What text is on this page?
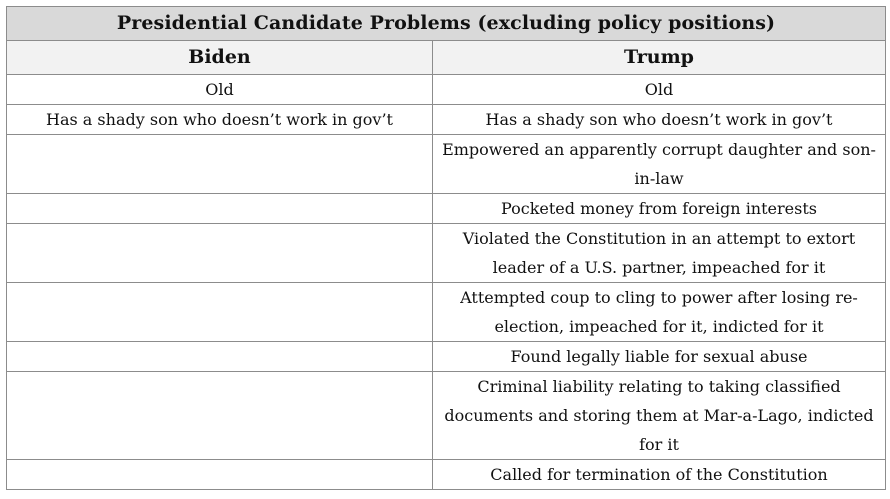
Presidential Candidate Problems (excluding policy positions)	
Biden	Trump
Old	Old
Has a shady son who doesn’t work in gov’t	Has a shady son who doesn’t work in gov’t
	Empowered an apparently corrupt daughter and son-in-law
	Pocketed money from foreign interests
	Violated the Constitution in an attempt to extort leader of a U.S. partner, impeached for it
	Attempted coup to cling to power after losing re-election, impeached for it, indicted for it
	Found legally liable for sexual abuse
	Criminal liability relating to taking classified documents and storing them at Mar-a-Lago, indicted for it
	Called for termination of the Constitution
